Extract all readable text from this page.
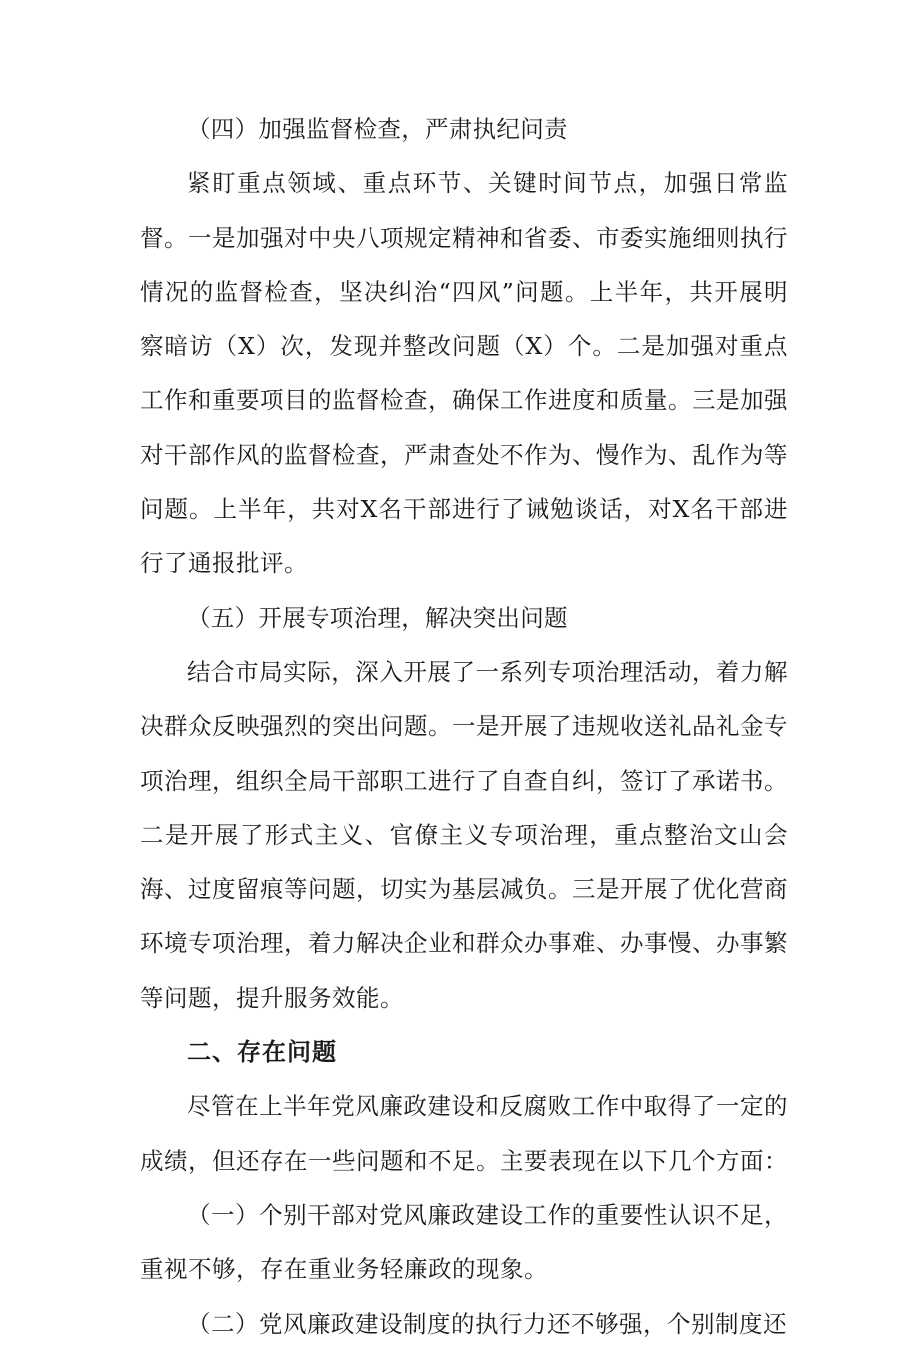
（四）加强监督检查，严肃执纪问责

紧盯重点领域、重点环节、关键时间节点，加强日常监督。一是加强对中央八项规定精神和省委、市委实施细则执行情况的监督检查，坚决纠治“四风”问题。上半年，共开展明察暗访（X）次，发现并整改问题（X）个。二是加强对重点工作和重要项目的监督检查，确保工作进度和质量。三是加强对干部作风的监督检查，严肃查处不作为、慢作为、乱作为等问题。上半年，共对X名干部进行了诫勉谈话，对X名干部进行了通报批评。

（五）开展专项治理，解决突出问题

结合市局实际，深入开展了一系列专项治理活动，着力解决群众反映强烈的突出问题。一是开展了违规收送礼品礼金专项治理，组织全局干部职工进行了自查自纠，签订了承诺书。二是开展了形式主义、官僚主义专项治理，重点整治文山会海、过度留痕等问题，切实为基层减负。三是开展了优化营商环境专项治理，着力解决企业和群众办事难、办事慢、办事繁等问题，提升服务效能。

二、存在问题

尽管在上半年党风廉政建设和反腐败工作中取得了一定的成绩，但还存在一些问题和不足。主要表现在以下几个方面：

（一）个别干部对党风廉政建设工作的重要性认识不足，重视不够，存在重业务轻廉政的现象。

（二）党风廉政建设制度的执行力还不够强，个别制度还
